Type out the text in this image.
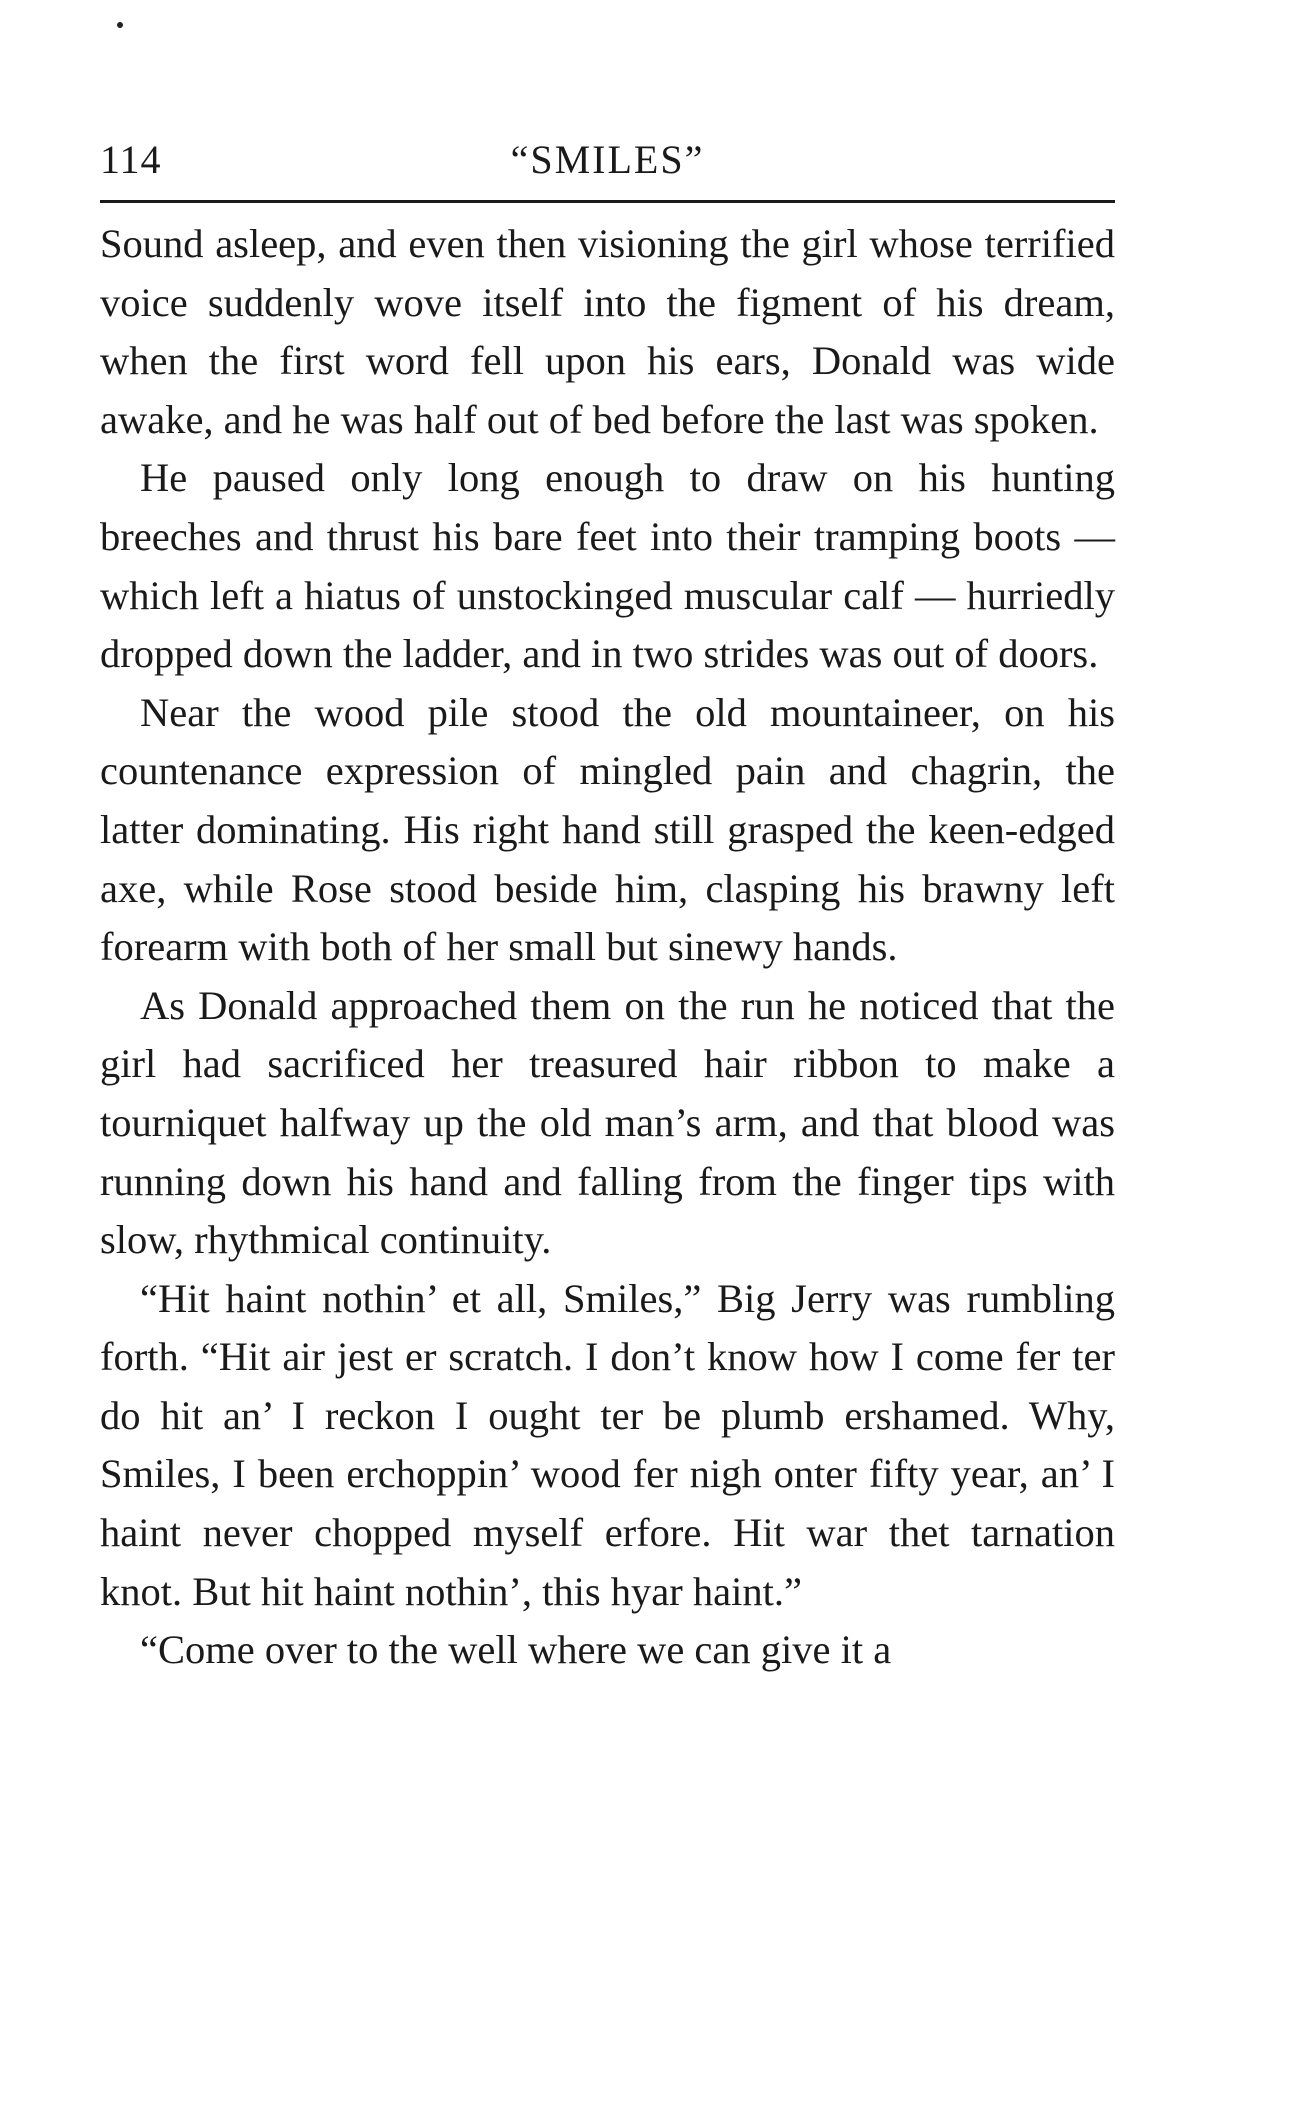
“SMILES”
114

Sound asleep, and even then visioning the girl whose terrified voice suddenly wove itself into the figment of his dream, when the first word fell upon his ears, Donald was wide awake, and he was half out of bed before the last was spoken.

He paused only long enough to draw on his hunting breeches and thrust his bare feet into their tramping boots — which left a hiatus of unstockinged muscular calf — hurriedly dropped down the ladder, and in two strides was out of doors.

Near the wood pile stood the old mountaineer, on his countenance expression of mingled pain and chagrin, the latter dominating. His right hand still grasped the keen-edged axe, while Rose stood beside him, clasping his brawny left forearm with both of her small but sinewy hands.

As Donald approached them on the run he noticed that the girl had sacrificed her treasured hair ribbon to make a tourniquet halfway up the old man’s arm, and that blood was running down his hand and falling from the finger tips with slow, rhythmical continuity.

“Hit haint nothin’ et all, Smiles,” Big Jerry was rumbling forth. “Hit air jest er scratch. I don’t know how I come fer ter do hit an’ I reckon I ought ter be plumb ershamed. Why, Smiles, I been erchoppin’ wood fer nigh onter fifty year, an’ I haint never chopped myself erfore. Hit war thet tarnation knot. But hit haint nothin’, this hyar haint.”

“Come over to the well where we can give it a
